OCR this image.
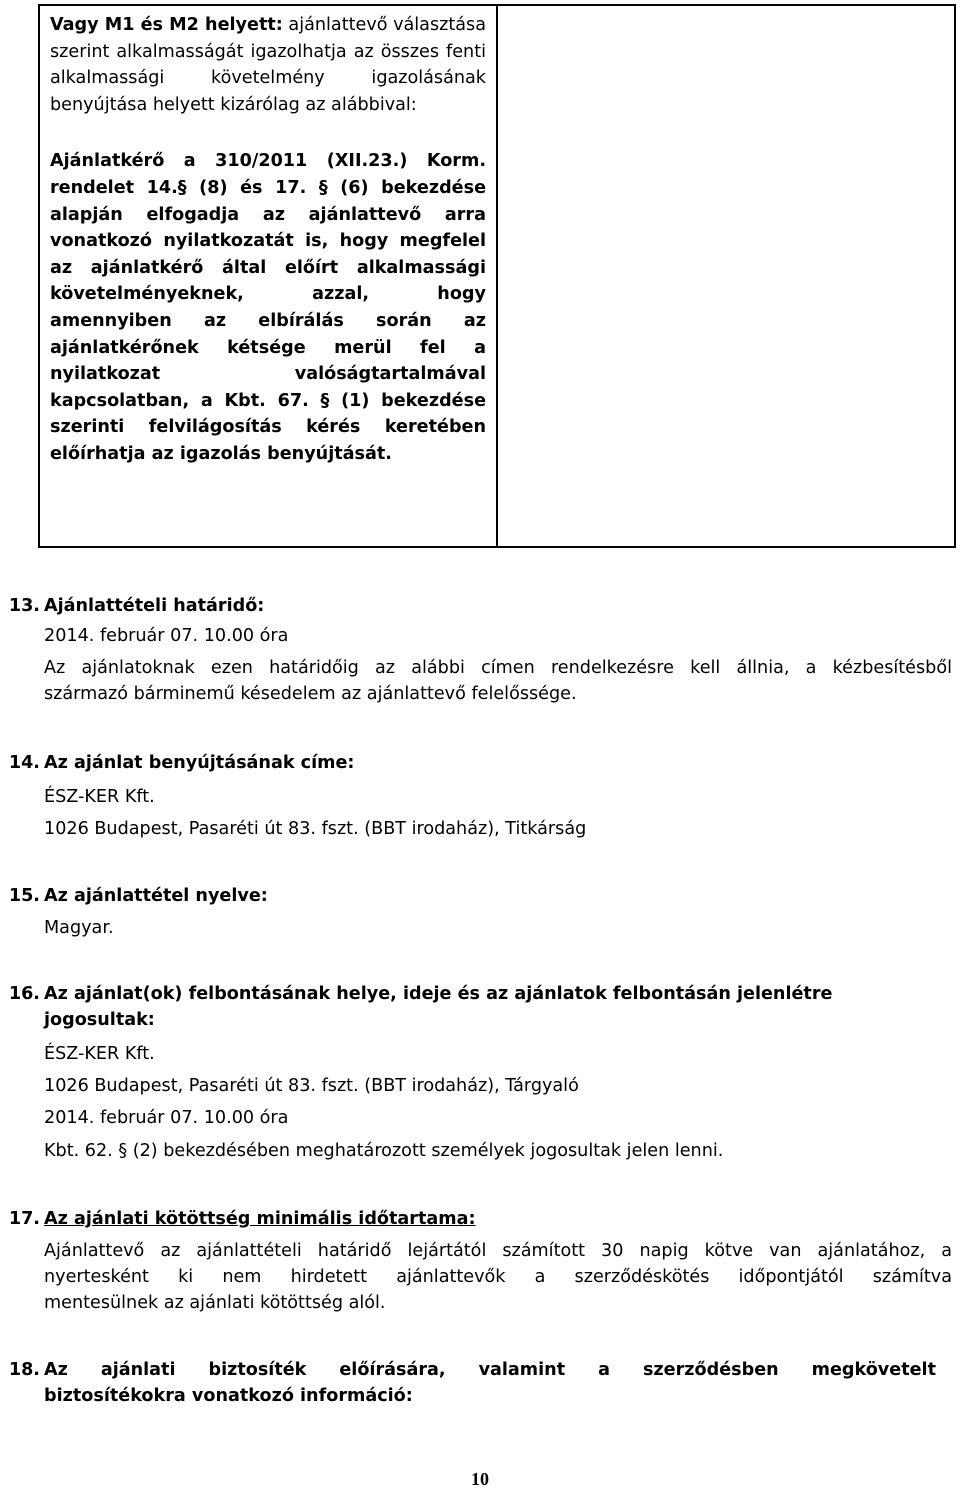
Vagy M1 és M2 helyett: ajánlattevő választása szerint alkalmasságát igazolhatja az összes fenti alkalmassági követelmény igazolásának benyújtása helyett kizárólag az alábbival:

Ajánlatkérő a 310/2011 (XII.23.) Korm. rendelet 14.§ (8) és 17. § (6) bekezdése alapján elfogadja az ajánlattevő arra vonatkozó nyilatkozatát is, hogy megfelel az ajánlatkérő által előírt alkalmassági követelményeknek, azzal, hogy amennyiben az elbírálás során az ajánlatkérőnek kétsége merül fel a nyilatkozat valóságtartalmával kapcsolatban, a Kbt. 67. § (1) bekezdése szerinti felvilágosítás kérés keretében előírhatja az igazolás benyújtását.

13. Ajánlattételi határidő:
2014. február 07. 10.00 óra
Az ajánlatoknak ezen határidőig az alábbi címen rendelkezésre kell állnia, a kézbesítésből
származó bárminemű késedelem az ajánlattevő felelőssége.
14. Az ajánlat benyújtásának címe:
ÉSZ-KER Kft.
1026 Budapest, Pasaréti út 83. fszt. (BBT irodaház), Titkárság
15. Az ajánlattétel nyelve:
Magyar.
16. Az ajánlat(ok) felbontásának helye, ideje és az ajánlatok felbontásán jelenlétre
jogosultak:
ÉSZ-KER Kft.
1026 Budapest, Pasaréti út 83. fszt. (BBT irodaház), Tárgyaló
2014. február 07. 10.00 óra
Kbt. 62. § (2) bekezdésében meghatározott személyek jogosultak jelen lenni.
17. Az ajánlati kötöttség minimális időtartama:
Ajánlattevő az ajánlattételi határidő lejártától számított 30 napig kötve van ajánlatához, a
nyertesként ki nem hirdetett ajánlattevők a szerződéskötés időpontjától számítva
mentesülnek az ajánlati kötöttség alól.
18. Az ajánlati biztosíték előírására, valamint a szerződésben megkövetelt
biztosítékokra vonatkozó információ:
10
